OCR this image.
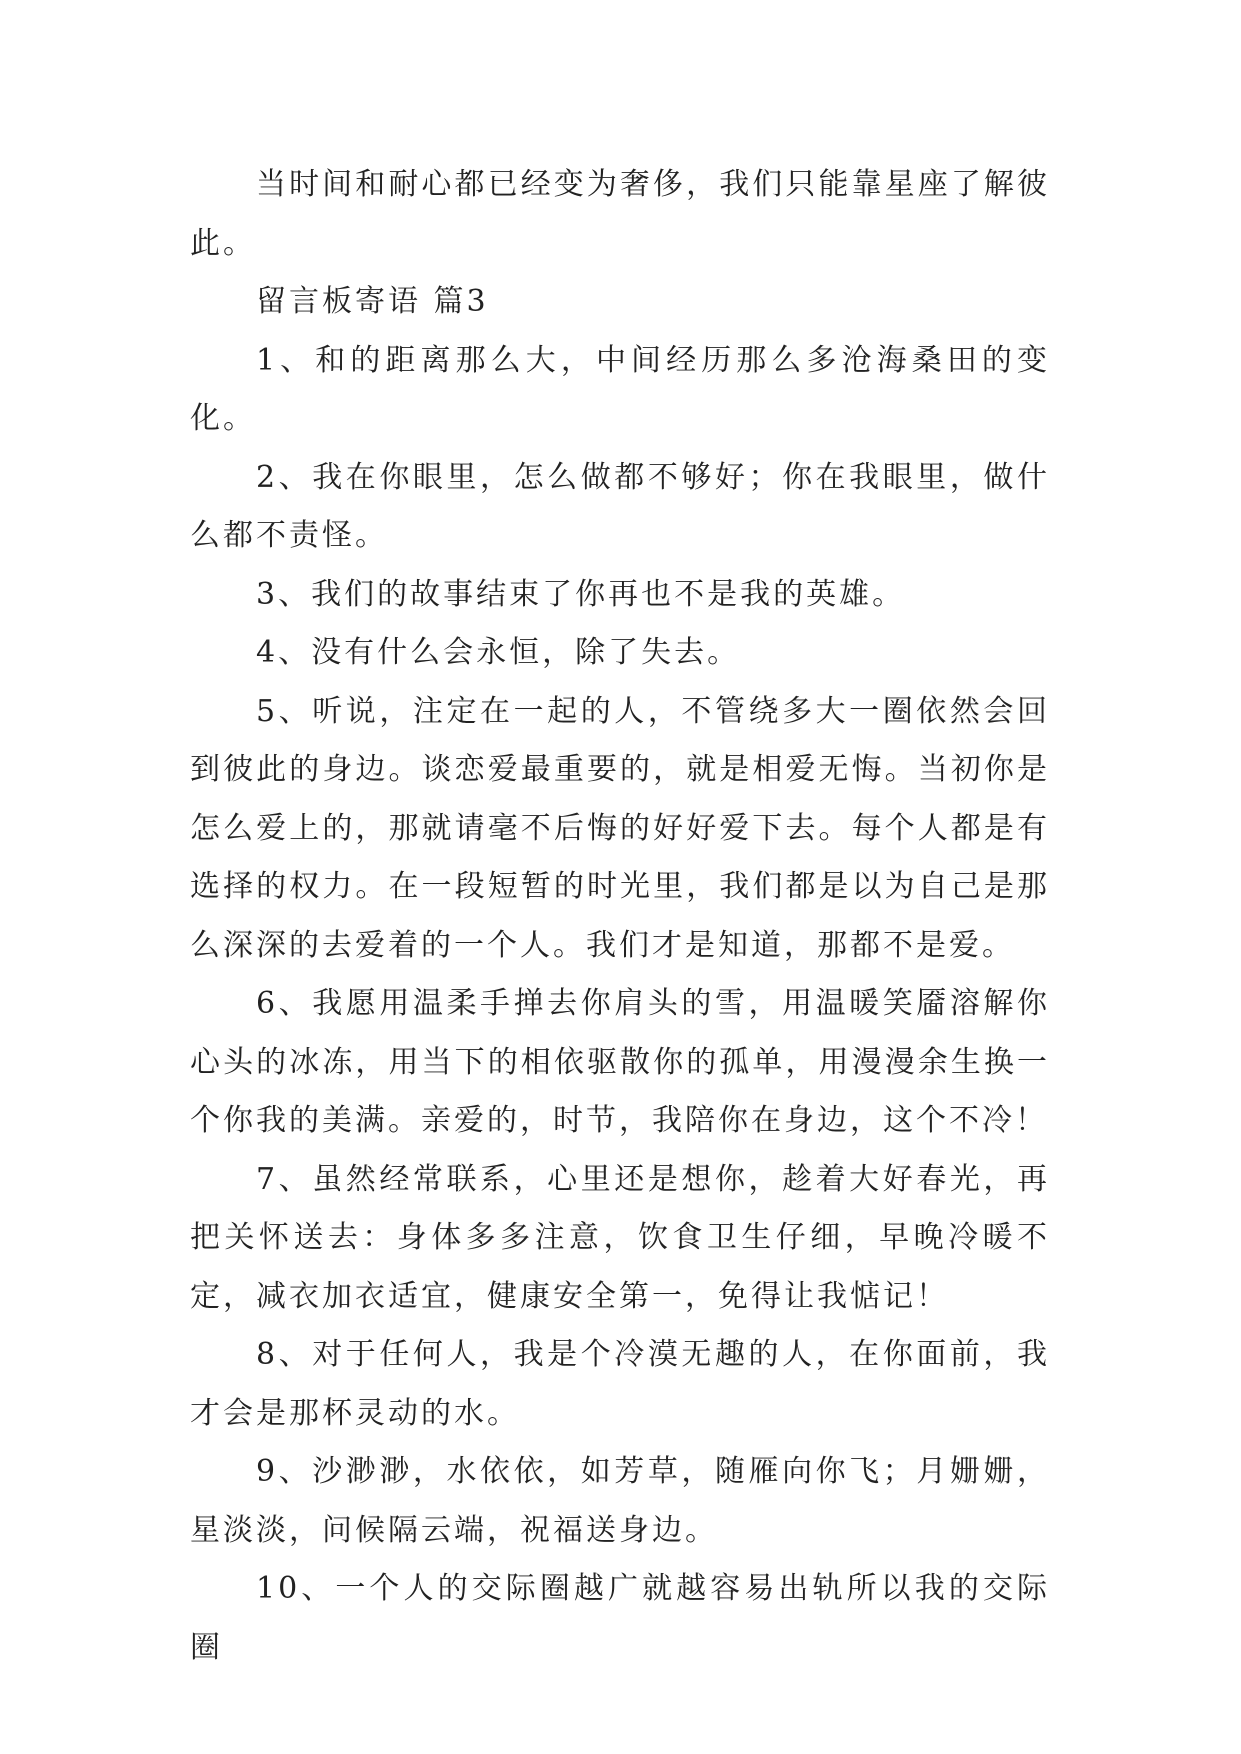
当时间和耐心都已经变为奢侈，我们只能靠星座了解彼此。

留言板寄语 篇3

1、和的距离那么大，中间经历那么多沧海桑田的变化。

2、我在你眼里，怎么做都不够好；你在我眼里，做什么都不责怪。

3、我们的故事结束了你再也不是我的英雄。

4、没有什么会永恒，除了失去。

5、听说，注定在一起的人，不管绕多大一圈依然会回到彼此的身边。谈恋爱最重要的，就是相爱无悔。当初你是怎么爱上的，那就请毫不后悔的好好爱下去。每个人都是有选择的权力。在一段短暂的时光里，我们都是以为自己是那么深深的去爱着的一个人。我们才是知道，那都不是爱。

6、我愿用温柔手掸去你肩头的雪，用温暖笑靥溶解你心头的冰冻，用当下的相依驱散你的孤单，用漫漫余生换一个你我的美满。亲爱的，时节，我陪你在身边，这个不冷！

7、虽然经常联系，心里还是想你，趁着大好春光，再把关怀送去：身体多多注意，饮食卫生仔细，早晚冷暖不定，减衣加衣适宜，健康安全第一，免得让我惦记！

8、对于任何人，我是个冷漠无趣的人，在你面前，我才会是那杯灵动的水。

9、沙渺渺，水依依，如芳草，随雁向你飞；月姗姗，星淡淡，问候隔云端，祝福送身边。

10、一个人的交际圈越广就越容易出轨所以我的交际圈
